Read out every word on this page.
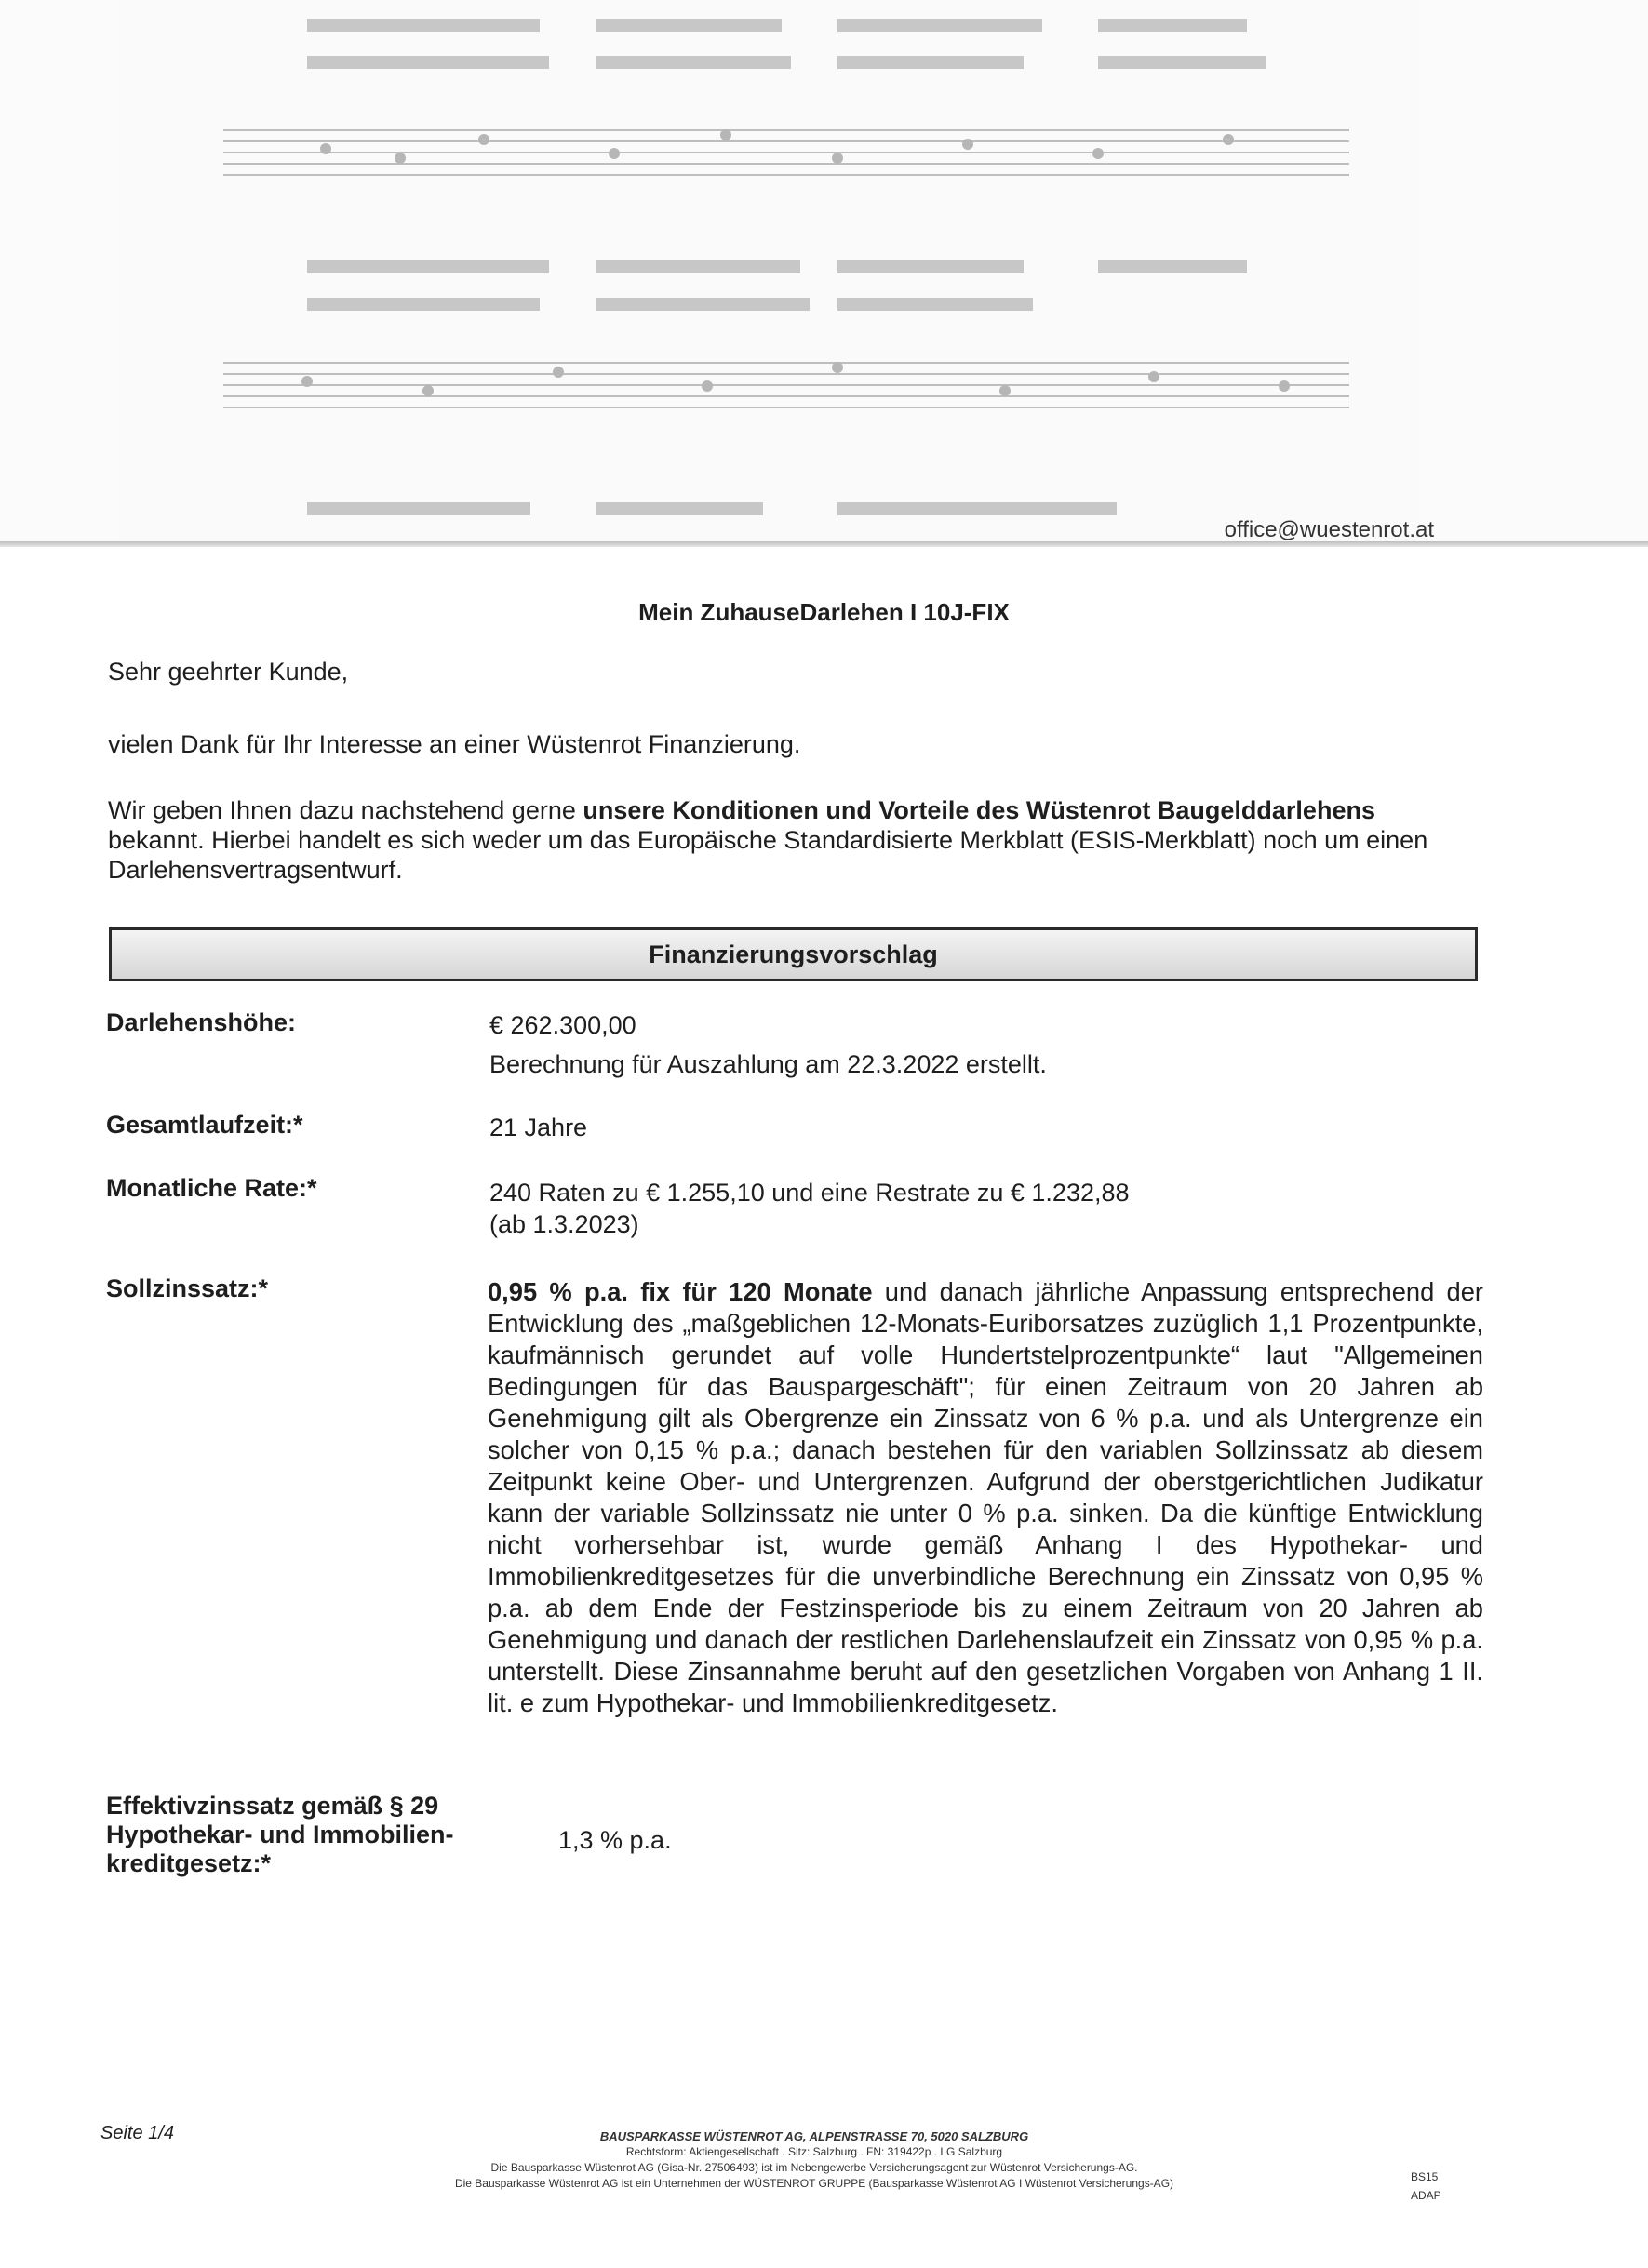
office@wuestenrot.at
Mein ZuhauseDarlehen I 10J-FIX
Sehr geehrter Kunde,
vielen Dank für Ihr Interesse an einer Wüstenrot Finanzierung.
Wir geben Ihnen dazu nachstehend gerne unsere Konditionen und Vorteile des Wüstenrot Baugelddarlehens bekannt. Hierbei handelt es sich weder um das Europäische Standardisierte Merkblatt (ESIS-Merkblatt) noch um einen Darlehensvertragsentwurf.
Finanzierungsvorschlag
Darlehenshöhe:	€ 262.300,00
Berechnung für Auszahlung am 22.3.2022 erstellt.
Gesamtlaufzeit:*	21 Jahre
Monatliche Rate:*	240 Raten zu € 1.255,10 und eine Restrate zu € 1.232,88
(ab 1.3.2023)
Sollzinssatz:*	0,95 % p.a. fix für 120 Monate und danach jährliche Anpassung entsprechend der Entwicklung des „maßgeblichen 12-Monats-Euriborsatzes zuzüglich 1,1 Prozentpunkte, kaufmännisch gerundet auf volle Hundertstelprozentpunkte“ laut "Allgemeinen Bedingungen für das Bauspargeschäft"; für einen Zeitraum von 20 Jahren ab Genehmigung gilt als Obergrenze ein Zinssatz von 6 % p.a. und als Untergrenze ein solcher von 0,15 % p.a.; danach bestehen für den variablen Sollzinssatz ab diesem Zeitpunkt keine Ober- und Untergrenzen. Aufgrund der oberstgerichtlichen Judikatur kann der variable Sollzinssatz nie unter 0 % p.a. sinken. Da die künftige Entwicklung nicht vorhersehbar ist, wurde gemäß Anhang I des Hypothekar- und Immobilienkreditgesetzes für die unverbindliche Berechnung ein Zinssatz von 0,95 % p.a. ab dem Ende der Festzinsperiode bis zu einem Zeitraum von 20 Jahren ab Genehmigung und danach der restlichen Darlehenslaufzeit ein Zinssatz von 0,95 % p.a. unterstellt. Diese Zinsannahme beruht auf den gesetzlichen Vorgaben von Anhang 1 II. lit. e zum Hypothekar- und Immobilienkreditgesetz.
Effektivzinssatz gemäß § 29
Hypothekar- und Immobilien-
kreditgesetz:*
1,3 % p.a.
Seite 1/4	BAUSPARKASSE WÜSTENROT AG, ALPENSTRASSE 70, 5020 SALZBURG
Rechtsform: Aktiengesellschaft . Sitz: Salzburg . FN: 319422p . LG Salzburg
Die Bausparkasse Wüstenrot AG (Gisa-Nr. 27506493) ist im Nebengewerbe Versicherungsagent zur Wüstenrot Versicherungs-AG.
Die Bausparkasse Wüstenrot AG ist ein Unternehmen der WÜSTENROT GRUPPE (Bausparkasse Wüstenrot AG I Wüstenrot Versicherungs-AG)	BS15
ADAP
